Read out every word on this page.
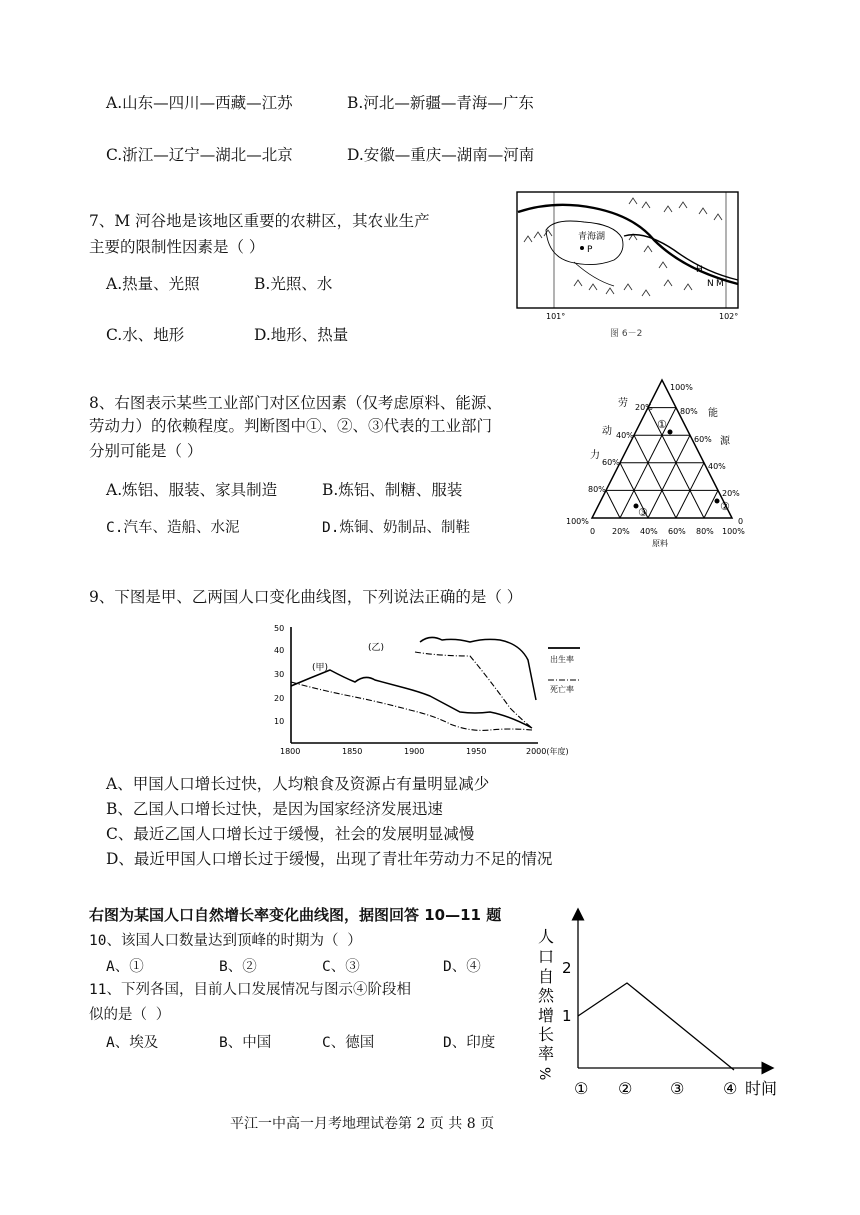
A.山东—四川—西藏—江苏	B.河北—新疆—青海—广东
C.浙江—辽宁—湖北—北京	D.安徽—重庆—湖南—河南
7、M 河谷地是该地区重要的农耕区，其农业生产
主要的限制性因素是（ ）
A.热量、光照	B.光照、水
C.水、地形	D.地形、热量
青海湖
P
H
N M
101°	102°
图 6－2
8、右图表示某些工业部门对区位因素（仅考虑原料、能源、
劳动力）的依赖程度。判断图中①、②、③代表的工业部门
分别可能是（ ）
A.炼铝、服装、家具制造	B.炼铝、制糖、服装
C.汽车、造船、水泥	D.炼铜、奶制品、制鞋
①
②
③
20%
40%
60%
80%
100%
劳
动
力
100%
80%
60%
40%
20%
0
能
源
0 20% 40% 60% 80% 100%
原料
9、下图是甲、乙两国人口变化曲线图，下列说法正确的是（ ）
50
40
30
20
10
1800	1850	1900	1950	2000(年度)
(甲)
(乙)
出生率
死亡率
A、甲国人口增长过快，人均粮食及资源占有量明显减少
B、乙国人口增长过快，是因为国家经济发展迅速
C、最近乙国人口增长过于缓慢，社会的发展明显减慢
D、最近甲国人口增长过于缓慢，出现了青壮年劳动力不足的情况
右图为某国人口自然增长率变化曲线图，据图回答 10—11 题
10、该国人口数量达到顶峰的时期为（ ）
A、①	B、②	C、③	D、④
11、下列各国，目前人口发展情况与图示④阶段相
似的是（ ）
A、埃及	B、中国	C、德国	D、印度
人
口
自
然
增
长
率
%
2
1
① ② ③ ④ 时间
平江一中高一月考地理试卷第 2 页 共 8 页
